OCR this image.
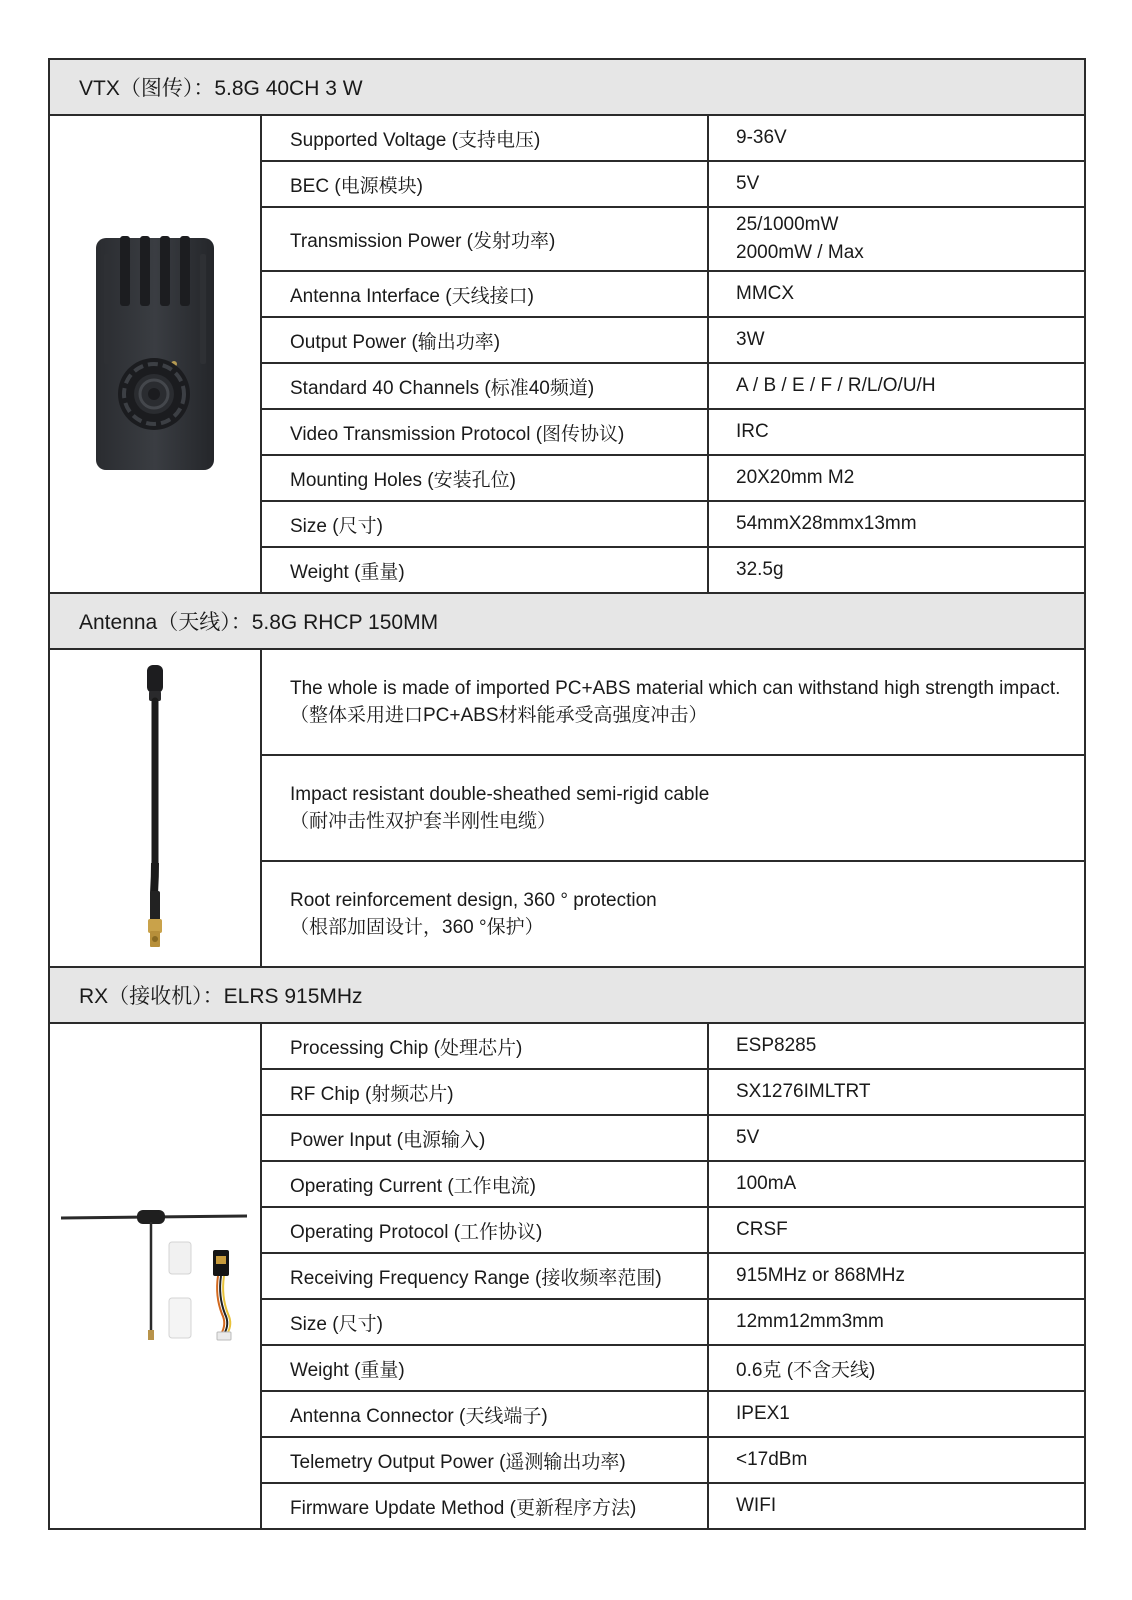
VTX（图传）：5.8G 40CH 3 W		

	Supported Voltage (支持电压)	9-36V

	BEC (电源模块)	5V

	Transmission Power (发射功率)	25/1000mW
2000mW / Max

	Antenna Interface (天线接口)	MMCX

	Output Power (输出功率)	3W

	Standard 40 Channels (标准40频道)	A / B / E / F / R/L/O/U/H

	Video Transmission Protocol (图传协议)	IRC

	Mounting Holes (安装孔位)	20X20mm M2

	Size (尺寸)	54mmX28mmx13mm

	Weight (重量)	32.5g

Antenna（天线）：5.8G RHCP 150MM		

The whole is made of imported PC+ABS material which can withstand high strength impact.
（整体采用进口PC+ABS材料能承受高强度冲击）	

	Impact resistant double-sheathed semi-rigid cable
（耐冲击性双护套半刚性电缆）	

	Root reinforcement design, 360 ° protection
（根部加固设计，360 °保护）	

RX（接收机）：ELRS 915MHz		

	Processing Chip (处理芯片)	ESP8285
	RF Chip (射频芯片)	SX1276IMLTRT
	Power Input (电源输入)	5V
	Operating Current (工作电流)	100mA
	Operating Protocol (工作协议)	CRSF
	Receiving Frequency Range (接收频率范围)	915MHz or 868MHz
	Size (尺寸)	12mm12mm3mm
	Weight (重量)	0.6克 (不含天线)
	Antenna Connector (天线端子)	IPEX1
	Telemetry Output Power (遥测输出功率)	<17dBm
	Firmware Update Method (更新程序方法)	WIFI
